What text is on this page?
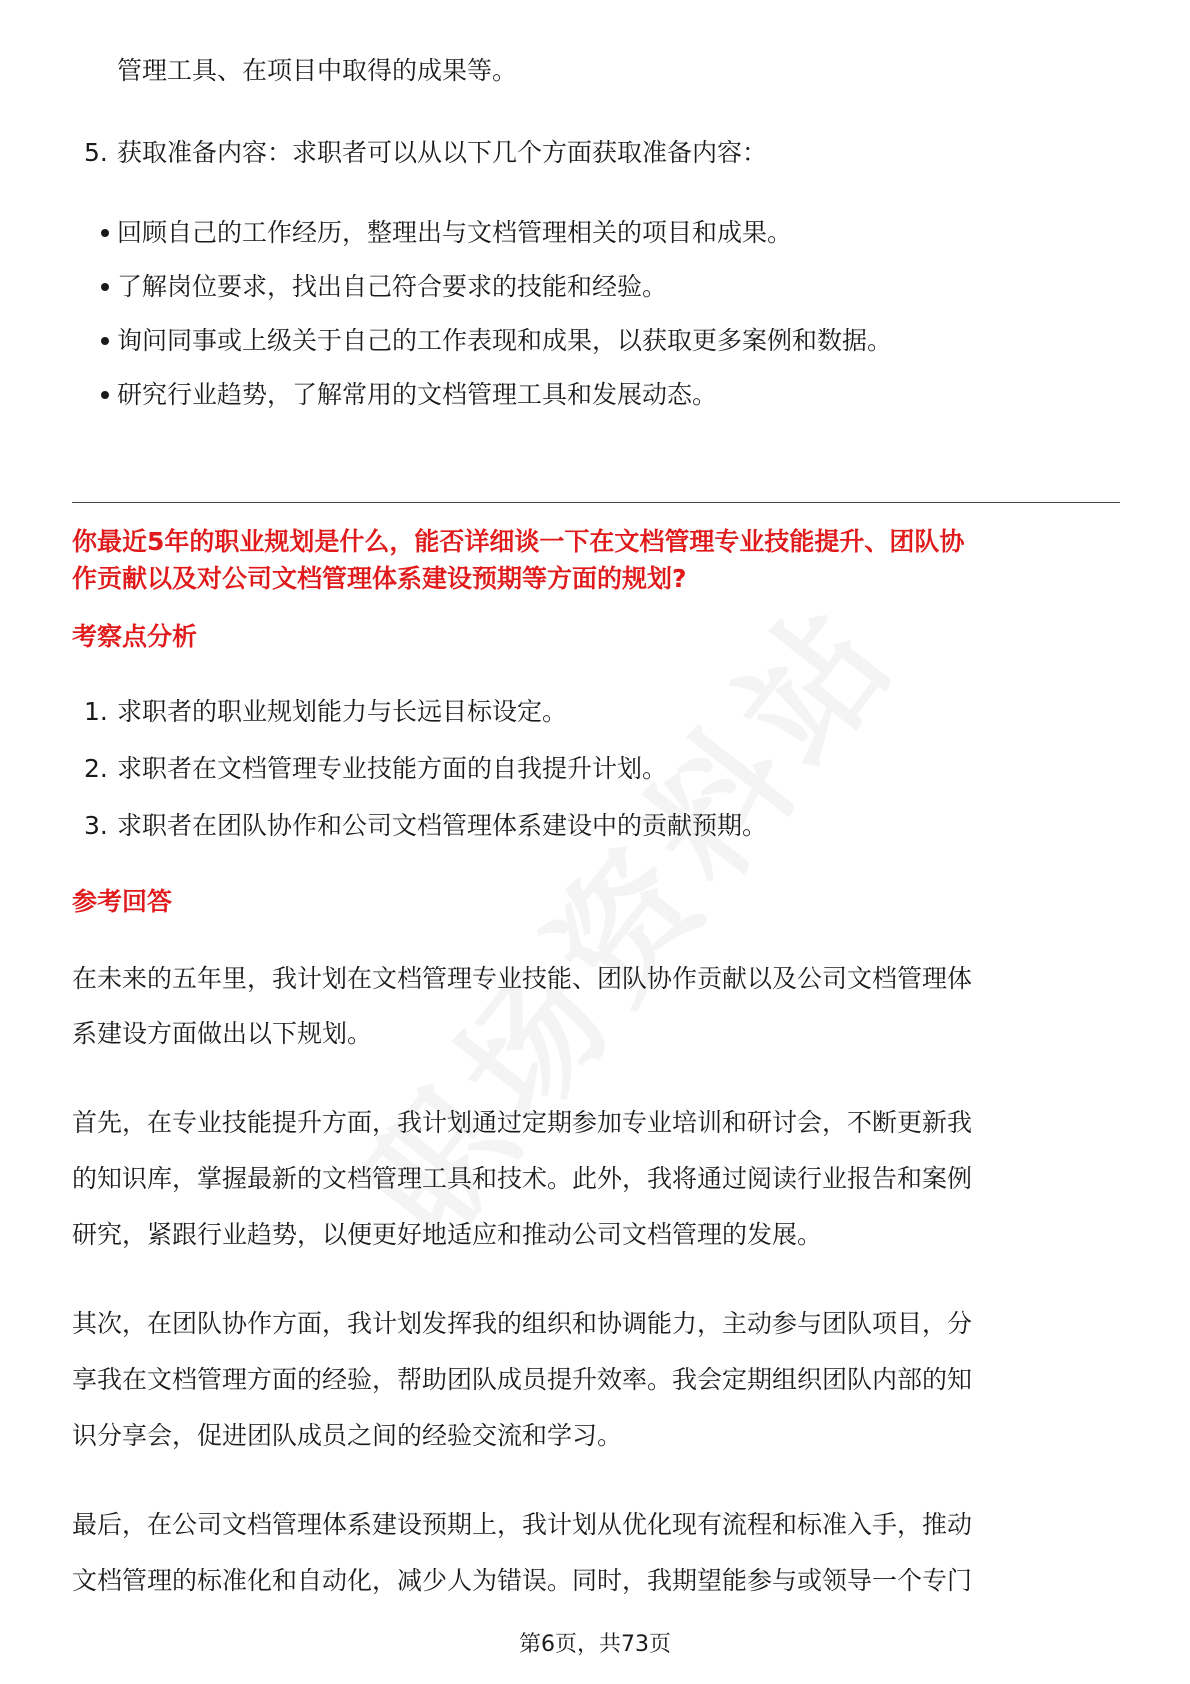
管理工具、在项目中取得的成果等。
5. 获取准备内容：求职者可以从以下几个方面获取准备内容：
回顾自己的工作经历，整理出与文档管理相关的项目和成果。
了解岗位要求，找出自己符合要求的技能和经验。
询问同事或上级关于自己的工作表现和成果，以获取更多案例和数据。
研究行业趋势，了解常用的文档管理工具和发展动态。
你最近5年的职业规划是什么，能否详细谈一下在文档管理专业技能提升、团队协
作贡献以及对公司文档管理体系建设预期等方面的规划?
考察点分析
1. 求职者的职业规划能力与长远目标设定。
2. 求职者在文档管理专业技能方面的自我提升计划。
3. 求职者在团队协作和公司文档管理体系建设中的贡献预期。
参考回答
在未来的五年里，我计划在文档管理专业技能、团队协作贡献以及公司文档管理体
系建设方面做出以下规划。
首先，在专业技能提升方面，我计划通过定期参加专业培训和研讨会，不断更新我
的知识库，掌握最新的文档管理工具和技术。此外，我将通过阅读行业报告和案例
研究，紧跟行业趋势，以便更好地适应和推动公司文档管理的发展。
其次，在团队协作方面，我计划发挥我的组织和协调能力，主动参与团队项目，分
享我在文档管理方面的经验，帮助团队成员提升效率。我会定期组织团队内部的知
识分享会，促进团队成员之间的经验交流和学习。
最后，在公司文档管理体系建设预期上，我计划从优化现有流程和标准入手，推动
文档管理的标准化和自动化，减少人为错误。同时，我期望能参与或领导一个专门
第6页，共73页
